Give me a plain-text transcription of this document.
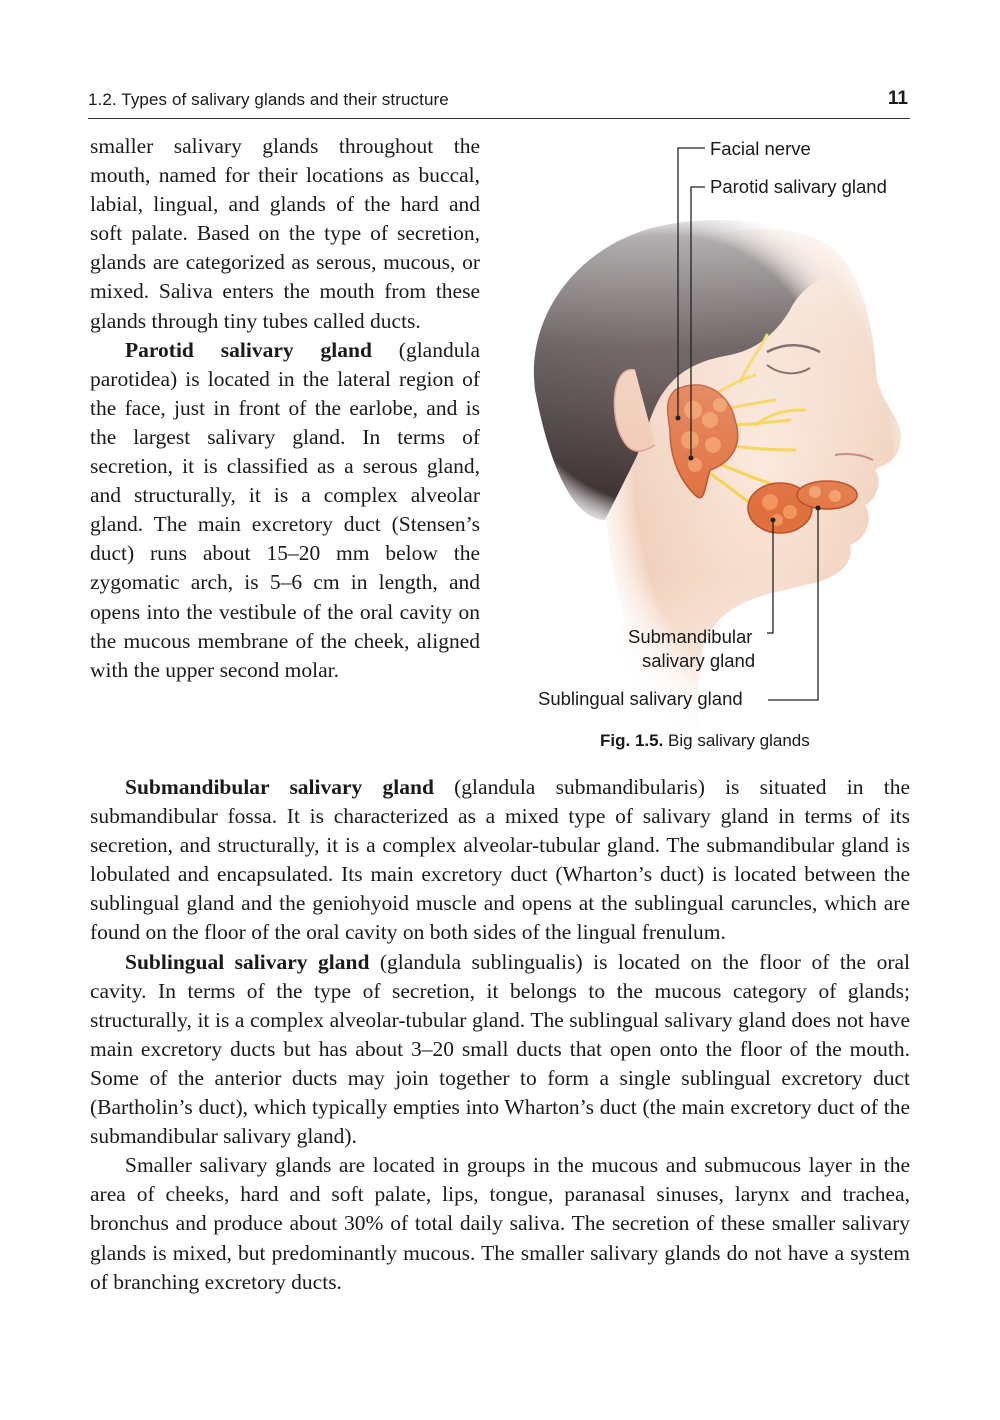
1.2. Types of salivary glands and their structure	11

smaller salivary glands throughout the mouth, named for their locations as buccal, labial, lingual, and glands of the hard and soft palate. Based on the type of secretion, glands are categorized as serous, mucous, or mixed. Saliva enters the mouth from these glands through tiny tubes called ducts.

Parotid salivary gland (glandula parotidea) is located in the lateral region of the face, just in front of the earlobe, and is the largest salivary gland. In terms of secretion, it is classified as a serous gland, and structurally, it is a complex alveolar gland. The main excretory duct (Stensen’s duct) runs about 15–20 mm below the zygomatic arch, is 5–6 cm in length, and opens into the vestibule of the oral cavity on the mucous membrane of the cheek, aligned with the upper second molar.

Facial nerve
Parotid salivary gland
Submandibular
salivary gland
Sublingual salivary gland
Fig. 1.5. Big salivary glands

Submandibular salivary gland (glandula submandibularis) is situated in the submandibular fossa. It is characterized as a mixed type of salivary gland in terms of its secretion, and structurally, it is a complex alveolar-tubular gland. The submandibular gland is lobulated and encapsulated. Its main excretory duct (Wharton’s duct) is located between the sublingual gland and the geniohyoid muscle and opens at the sublingual caruncles, which are found on the floor of the oral cavity on both sides of the lingual frenulum.

Sublingual salivary gland (glandula sublingualis) is located on the floor of the oral cavity. In terms of the type of secretion, it belongs to the mucous category of glands; structurally, it is a complex alveolar-tubular gland. The sublingual salivary gland does not have main excretory ducts but has about 3–20 small ducts that open onto the floor of the mouth. Some of the anterior ducts may join together to form a single sublingual excretory duct (Bartholin’s duct), which typically empties into Wharton’s duct (the main excretory duct of the submandibular salivary gland).

Smaller salivary glands are located in groups in the mucous and submucous layer in the area of cheeks, hard and soft palate, lips, tongue, paranasal sinuses, larynx and trachea, bronchus and produce about 30% of total daily saliva. The secretion of these smaller salivary glands is mixed, but predominantly mucous. The smaller salivary glands do not have a system of branching excretory ducts.
